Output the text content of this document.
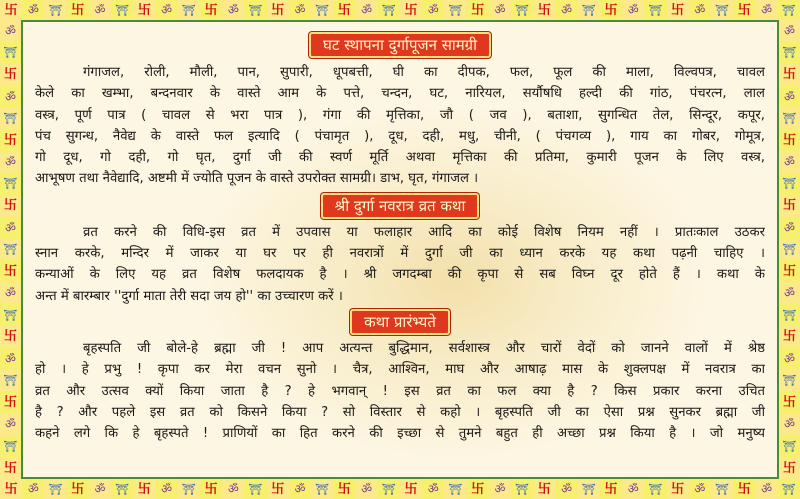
卐 ॐ ⛩ 卐 ॐ ⛩ 卐 ॐ ⛩ 卐 ॐ ⛩ 卐 ॐ ⛩ 卐 ॐ ⛩ 卐 ॐ ⛩ 卐 ॐ ⛩ 卐 ॐ ⛩ 卐 ॐ ⛩ 卐 ॐ ⛩ 卐 ॐ ⛩
ॐ
⛩
卐
ॐ
⛩
卐
ॐ
⛩
卐
ॐ
⛩
卐
ॐ
⛩
卐
ॐ
⛩
卐
ॐ
⛩
卐
ॐ
⛩
卐
ॐ
⛩
卐
ॐ
⛩
卐
ॐ
⛩
卐
ॐ
⛩
卐
ॐ
⛩
卐
ॐ
⛩
卐
卐 ॐ ⛩ 卐 ॐ ⛩ 卐 ॐ ⛩ 卐 ॐ ⛩ 卐 ॐ ⛩ 卐 ॐ ⛩ 卐 ॐ ⛩ 卐 ॐ ⛩ 卐 ॐ ⛩ 卐 ॐ ⛩ 卐 ॐ ⛩ 卐 ॐ ⛩
घट स्थापना दुर्गापूजन सामग्री
गंगाजल, रोली, मौली, पान, सुपारी, धूपबत्ती, घी का दीपक, फल, फूल की माला, विल्वपत्र, चावल
केले का खम्भा, बन्दनवार के वास्ते आम के पत्ते, चन्दन, घट, नारियल, सर्यौषधि हल्दी की गांठ, पंचरत्न, लाल
वस्त्र, पूर्ण पात्र ( चावल से भरा पात्र ), गंगा की मृत्तिका, जौ ( जव ), बताशा, सुगन्धित तेल, सिन्दूर, कपूर,
पंच सुगन्ध, नैवेद्य के वास्ते फल इत्यादि ( पंचामृत ), दूध, दही, मधु, चीनी, ( पंचगव्य ), गाय का गोबर, गोमूत्र,
गो दूध, गो दही, गो घृत, दुर्गा जी की स्वर्ण मूर्ति अथवा मृत्तिका की प्रतिमा, कुमारी पूजन के लिए वस्त्र,
आभूषण तथा नैवेद्यादि, अष्टमी में ज्योति पूजन के वास्ते उपरोक्त सामग्री। डाभ, घृत, गंगाजल ।
श्री दुर्गा नवरात्र व्रत कथा
व्रत करने की विधि-इस व्रत में उपवास या फलाहार आदि का कोई विशेष नियम नहीं । प्रातःकाल उठकर
स्नान करके, मन्दिर में जाकर या घर पर ही नवरात्रों में दुर्गा जी का ध्यान करके यह कथा पढ़नी चाहिए ।
कन्याओं के लिए यह व्रत विशेष फलदायक है । श्री जगदम्बा की कृपा से सब विघ्न दूर होते हैं । कथा के
अन्त में बारम्बार ''दुर्गा माता तेरी सदा जय हो'' का उच्चारण करें ।
कथा प्रारंभ्यते
बृहस्पति जी बोले-हे ब्रह्मा जी ! आप अत्यन्त बुद्धिमान, सर्वशास्त्र और चारों वेदों को जानने वालों में श्रेष्ठ
हो । हे प्रभु ! कृपा कर मेरा वचन सुनो । चैत्र, आश्विन, माघ और आषाढ़ मास के शुक्लपक्ष में नवरात्र का
व्रत और उत्सव क्यों किया जाता है ? हे भगवान् ! इस व्रत का फल क्या है ? किस प्रकार करना उचित
है ? और पहले इस व्रत को किसने किया ? सो विस्तार से कहो । बृहस्पति जी का ऐसा प्रश्न सुनकर ब्रह्मा जी
कहने लगे कि हे बृहस्पते ! प्राणियों का हित करने की इच्छा से तुमने बहुत ही अच्छा प्रश्न किया है । जो मनुष्य
